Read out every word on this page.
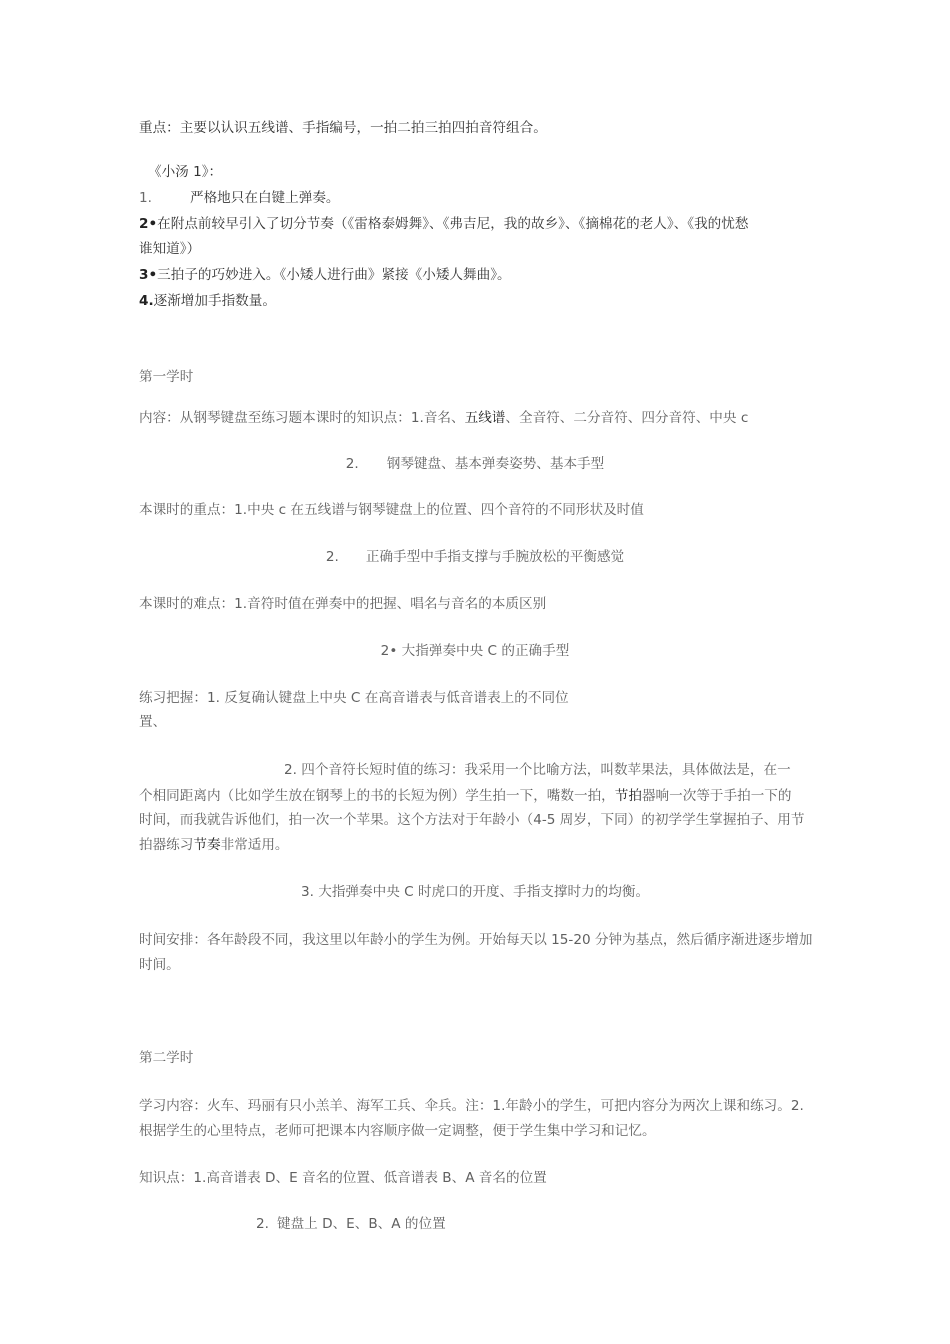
重点：主要以认识五线谱、手指编号，一拍二拍三拍四拍音符组合。
《小汤 1》：
1.	严格地只在白键上弹奏。
2•在附点前较早引入了切分节奏（《雷格泰姆舞》、《弗吉尼，我的故乡》、《摘棉花的老人》、《我的忧愁
谁知道》）
3•三拍子的巧妙进入。《小矮人进行曲》紧接《小矮人舞曲》。
4.逐渐增加手指数量。
第一学时
内容：从钢琴键盘至练习题本课时的知识点：1.音名、五线谱、全音符、二分音符、四分音符、中央 c
2. 钢琴键盘、基本弹奏姿势、基本手型
本课时的重点：1.中央 c 在五线谱与钢琴键盘上的位置、四个音符的不同形状及时值
2. 正确手型中手指支撑与手腕放松的平衡感觉
本课时的难点：1.音符时值在弹奏中的把握、唱名与音名的本质区别
2• 大指弹奏中央 C 的正确手型
练习把握：1. 反复确认键盘上中央 C 在高音谱表与低音谱表上的不同位
置、
2. 四个音符长短时值的练习：我采用一个比喻方法，叫数苹果法，具体做法是，在一
个相同距离内（比如学生放在钢琴上的书的长短为例）学生拍一下，嘴数一拍，节拍器响一次等于手拍一下的
时间，而我就告诉他们，拍一次一个苹果。这个方法对于年龄小（4-5 周岁，下同）的初学学生掌握拍子、用节
拍器练习节奏非常适用。
3. 大指弹奏中央 C 时虎口的开度、手指支撑时力的均衡。
时间安排：各年龄段不同，我这里以年龄小的学生为例。开始每天以 15-20 分钟为基点，然后循序渐进逐步增加
时间。
第二学时
学习内容：火车、玛丽有只小羔羊、海军工兵、伞兵。注：1.年龄小的学生，可把内容分为两次上课和练习。2.
根据学生的心里特点，老师可把课本内容顺序做一定调整，便于学生集中学习和记忆。
知识点：1.高音谱表 D、E 音名的位置、低音谱表 B、A 音名的位置
2. 键盘上 D、E、B、A 的位置
